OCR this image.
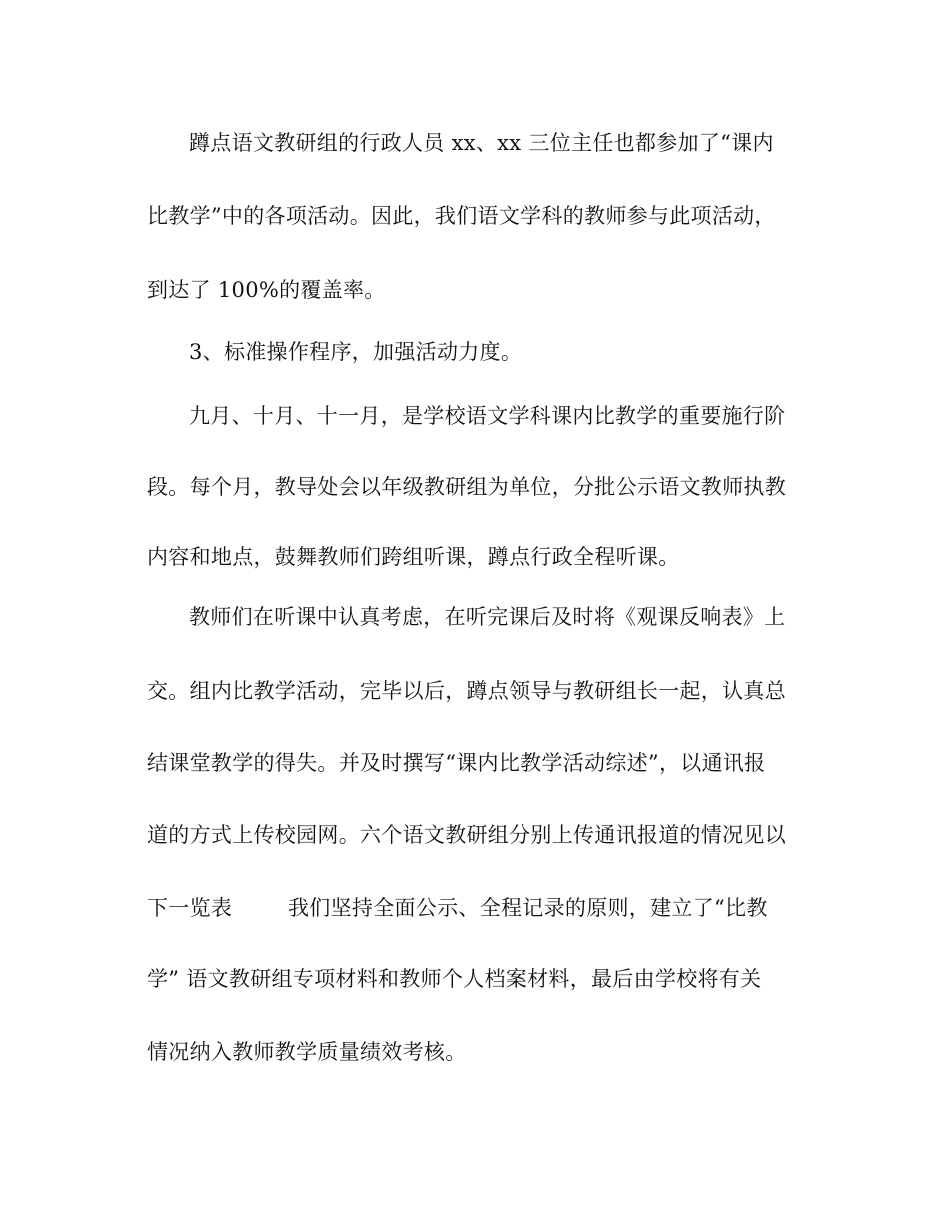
蹲点语文教研组的行政人员 xx、xx 三位主任也都参加了“课内
比教学”中的各项活动。因此，我们语文学科的教师参与此项活动，
到达了 100%的覆盖率。
3、标准操作程序，加强活动力度。
九月、十月、十一月，是学校语文学科课内比教学的重要施行阶
段。每个月，教导处会以年级教研组为单位，分批公示语文教师执教
内容和地点，鼓舞教师们跨组听课，蹲点行政全程听课。
教师们在听课中认真考虑，在听完课后及时将《观课反响表》上
交。组内比教学活动，完毕以后，蹲点领导与教研组长一起，认真总
结课堂教学的得失。并及时撰写“课内比教学活动综述”，以通讯报
道的方式上传校园网。六个语文教研组分别上传通讯报道的情况见以
下一览表        我们坚持全面公示、全程记录的原则，建立了“比教
学” 语文教研组专项材料和教师个人档案材料，最后由学校将有关
情况纳入教师教学质量绩效考核。
